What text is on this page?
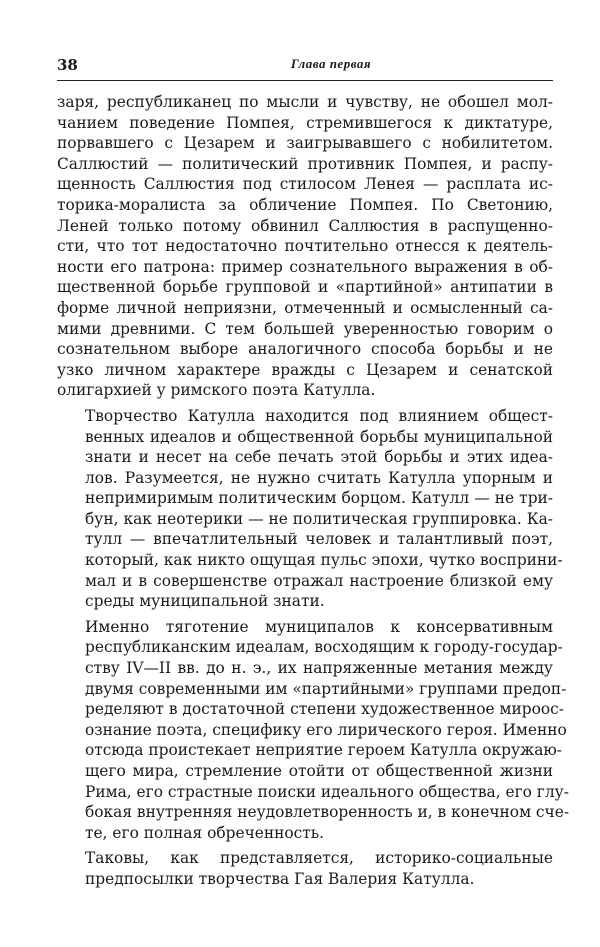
38	Глава первая

заря, республиканец по мысли и чувству, не обошел мол-
чанием поведение Помпея, стремившегося к диктатуре,
порвавшего с Цезарем и заигрывавшего с нобилитетом.
Саллюстий — политический противник Помпея, и распу-
щенность Саллюстия под стилосом Ленея — расплата ис-
торика-моралиста за обличение Помпея. По Светонию,
Леней только потому обвинил Саллюстия в распущенно-
сти, что тот недостаточно почтительно отнесся к деятель-
ности его патрона: пример сознательного выражения в об-
щественной борьбе групповой и «партийной» антипатии в
форме личной неприязни, отмеченный и осмысленный са-
мими древними. С тем большей уверенностью говорим о
сознательном выборе аналогичного способа борьбы и не
узко личном характере вражды с Цезарем и сенатской
олигархией у римского поэта Катулла.

Творчество Катулла находится под влиянием общест-
венных идеалов и общественной борьбы муниципальной
знати и несет на себе печать этой борьбы и этих идеа-
лов. Разумеется, не нужно считать Катулла упорным и
непримиримым политическим борцом. Катулл — не три-
бун, как неотерики — не политическая группировка. Ка-
тулл — впечатлительный человек и талантливый поэт,
который, как никто ощущая пульс эпохи, чутко восприни-
мал и в совершенстве отражал настроение близкой ему
среды муниципальной знати.

Именно тяготение муниципалов к консервативным
республиканским идеалам, восходящим к городу-государ-
ству IV—II вв. до н. э., их напряженные метания между
двумя современными им «партийными» группами предоп-
ределяют в достаточной степени художественное мироос-
ознание поэта, специфику его лирического героя. Именно
отсюда проистекает неприятие героем Катулла окружаю-
щего мира, стремление отойти от общественной жизни
Рима, его страстные поиски идеального общества, его глу-
бокая внутренняя неудовлетворенность и, в конечном сче-
те, его полная обреченность.

Таковы, как представляется, историко-социальные
предпосылки творчества Гая Валерия Катулла.
